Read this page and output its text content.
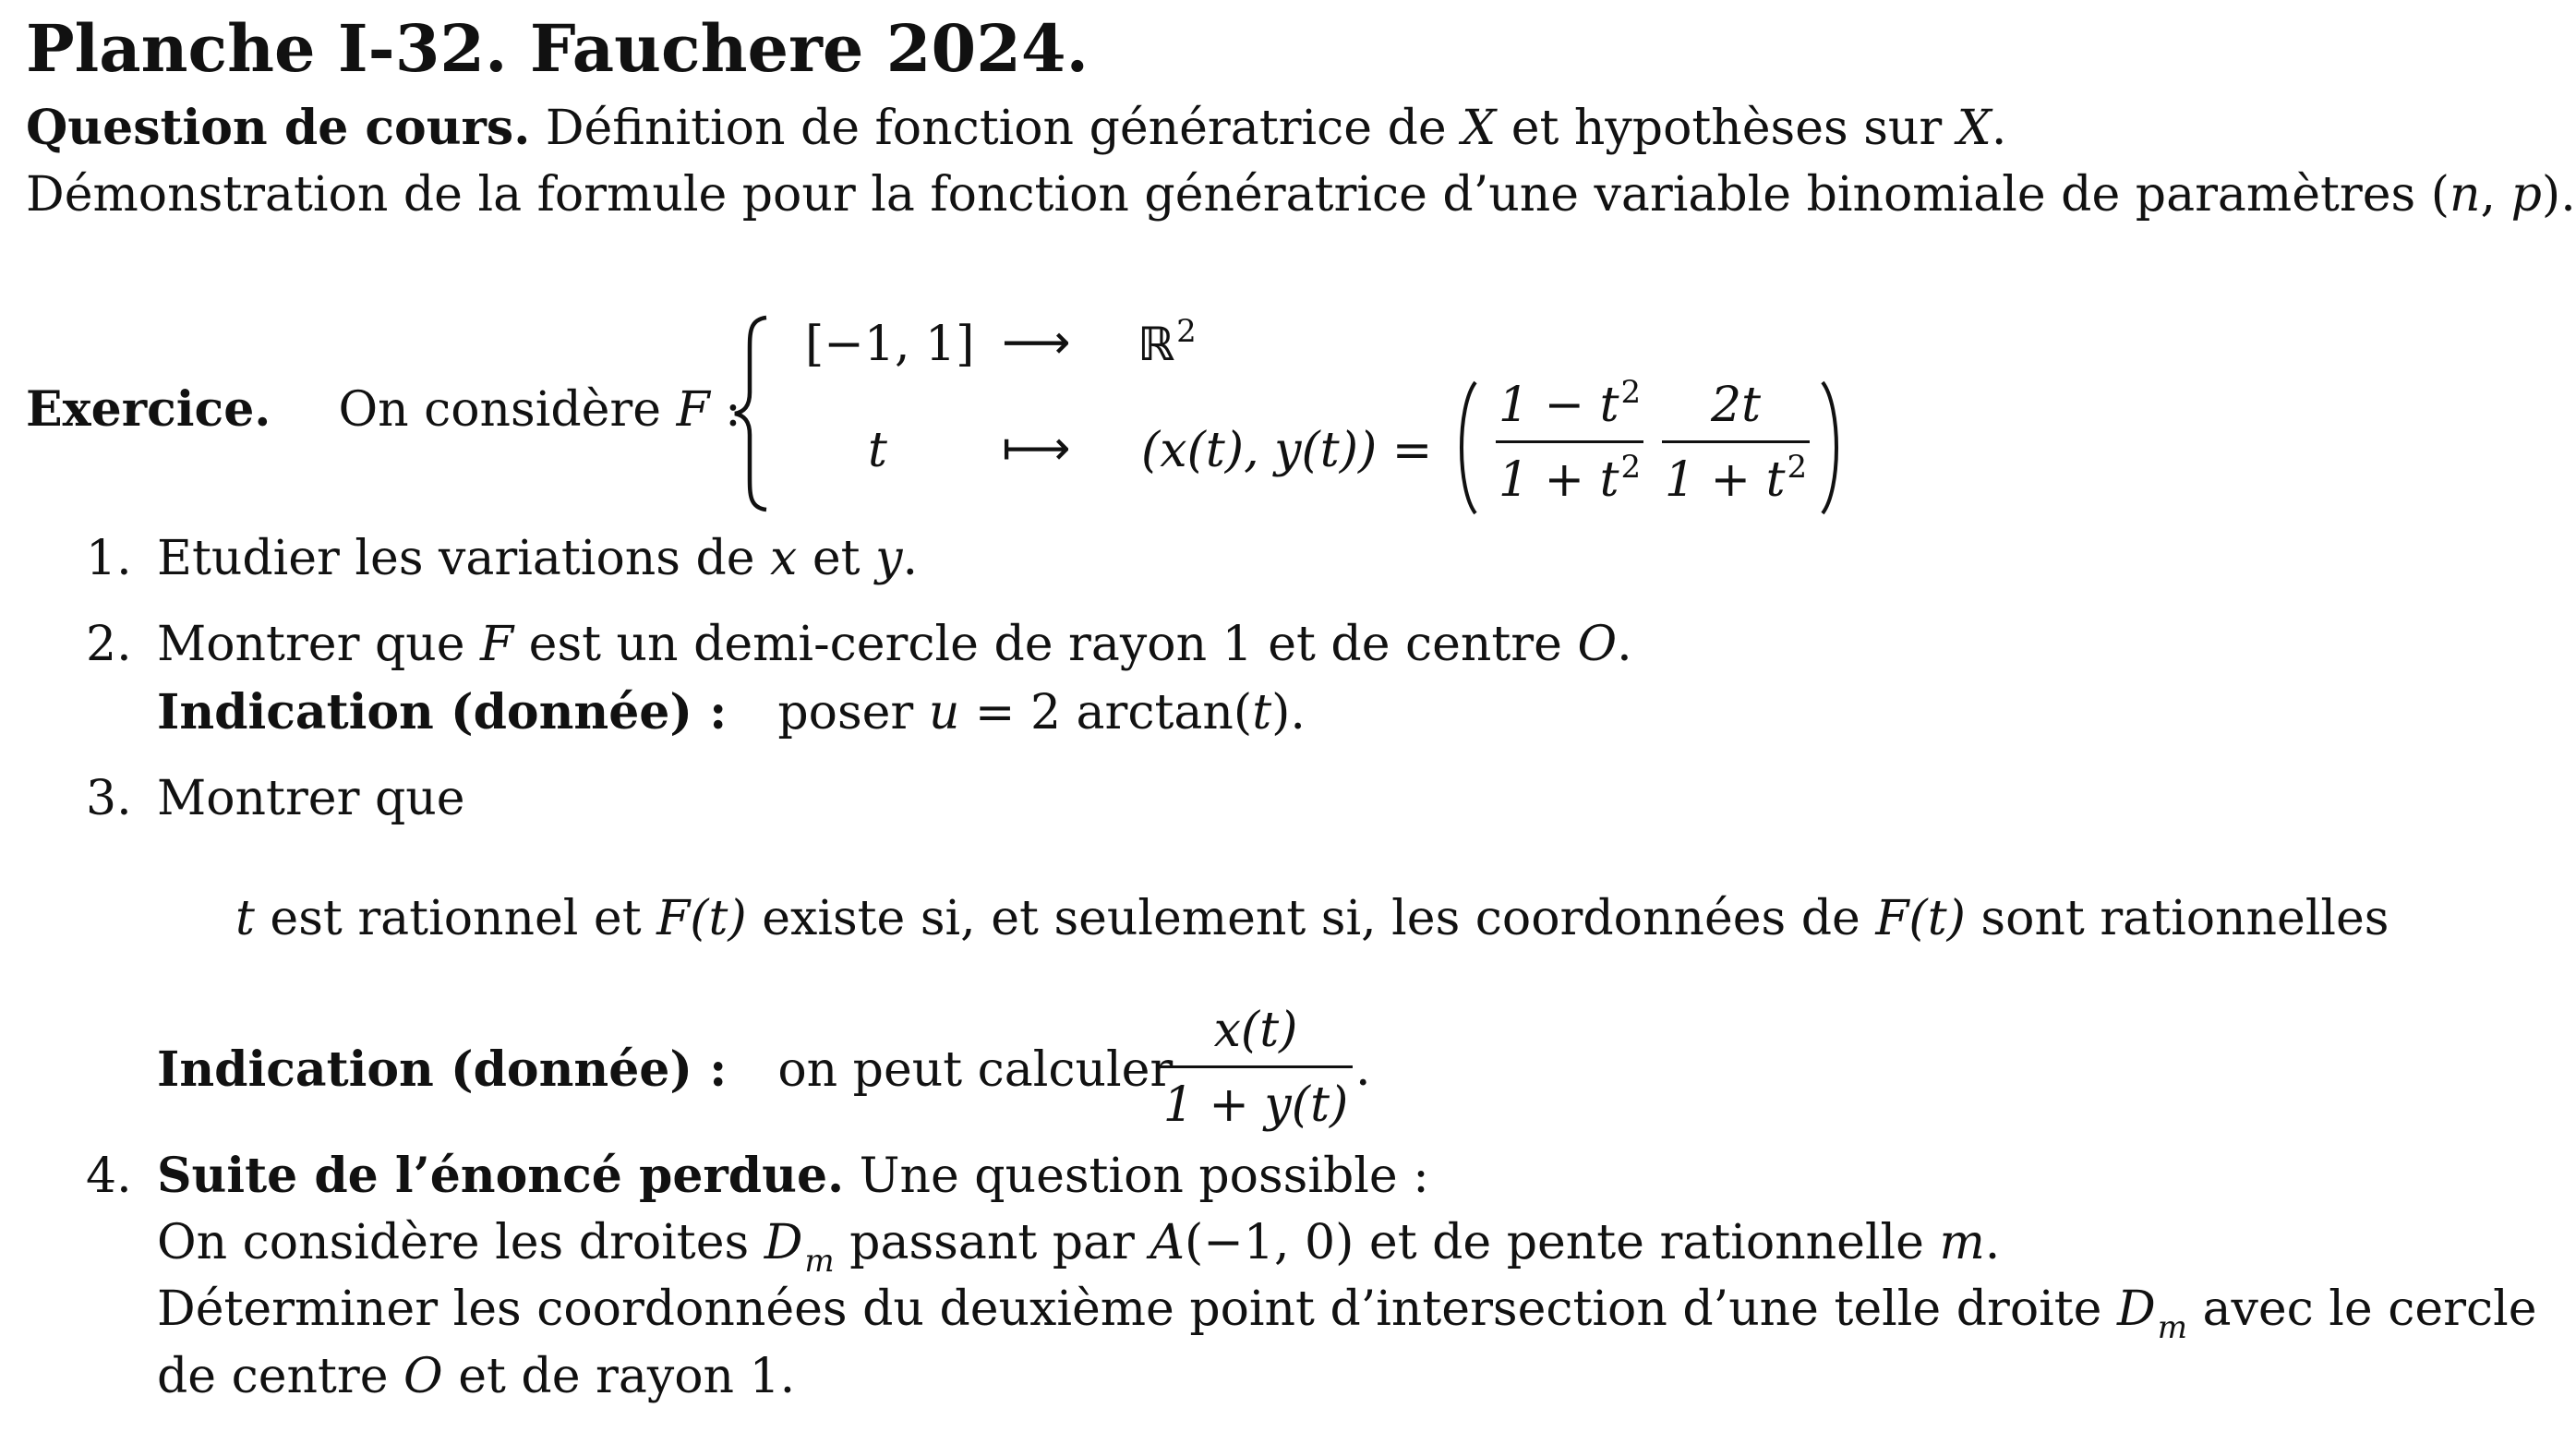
Planche I-32. Fauchere 2024.
Question de cours. Définition de fonction génératrice de X et hypothèses sur X.
Démonstration de la formule pour la fonction génératrice d’une variable binomiale de paramètres (n, p).
Exercice. On considère F :
[−1, 1] ⟶ ℝ$^2$
t ⟼ (x(t), y(t)) =
$1 - t^2$
$1 + t^2$
2t
$1 + t^2$
1. Etudier les variations de x et y.
2. Montrer que F est un demi-cercle de rayon 1 et de centre O.
Indication (donnée) : poser u = 2 arctan(t).
3. Montrer que
t est rationnel et F(t) existe si, et seulement si, les coordonnées de F(t) sont rationnelles
Indication (donnée) : on peut calculer
x(t)
1 + y(t)
.
4. Suite de l’énoncé perdue. Une question possible :
On considère les droites $D_m$ passant par A(−1, 0) et de pente rationnelle m.
Déterminer les coordonnées du deuxième point d’intersection d’une telle droite $D_m$ avec le cercle
de centre O et de rayon 1.
